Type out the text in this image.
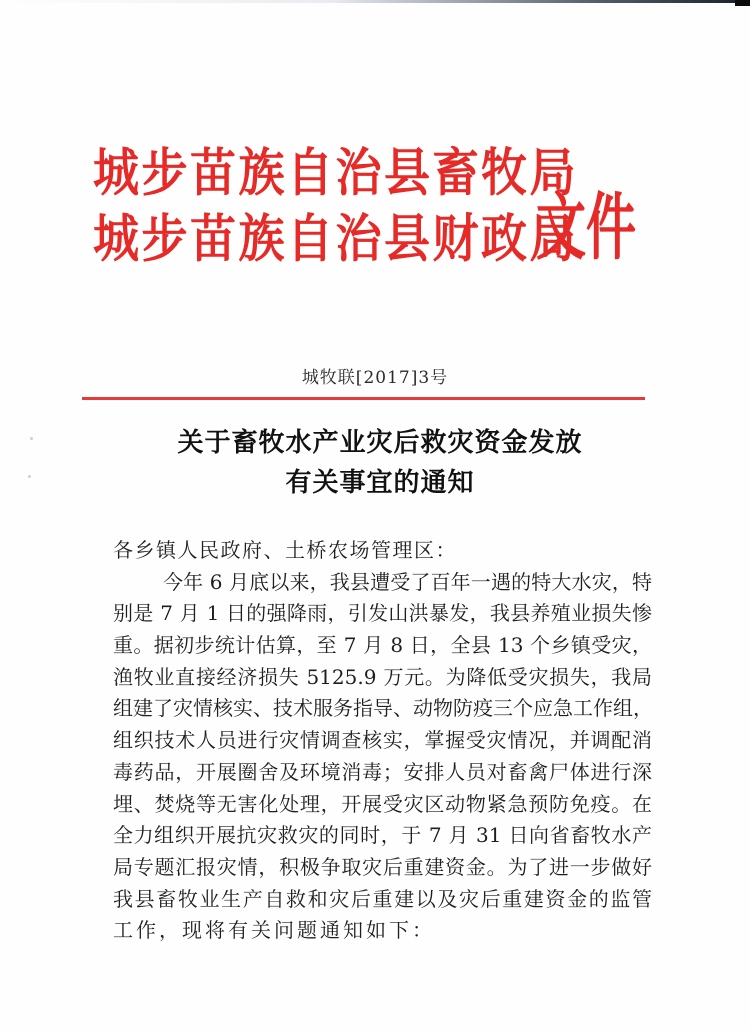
城步苗族自治县畜牧局
城步苗族自治县财政局
文件
城牧联[2017]3号
关于畜牧水产业灾后救灾资金发放
有关事宜的通知
各乡镇人民政府、土桥农场管理区：
今年 6 月底以来，我县遭受了百年一遇的特大水灾，特
别是 7 月 1 日的强降雨，引发山洪暴发，我县养殖业损失惨
重。据初步统计估算，至 7 月 8 日，全县 13 个乡镇受灾，
渔牧业直接经济损失 5125.9 万元。为降低受灾损失，我局
组建了灾情核实、技术服务指导、动物防疫三个应急工作组，
组织技术人员进行灾情调查核实，掌握受灾情况，并调配消
毒药品，开展圈舍及环境消毒；安排人员对畜禽尸体进行深
埋、焚烧等无害化处理，开展受灾区动物紧急预防免疫。在
全力组织开展抗灾救灾的同时，于 7 月 31 日向省畜牧水产
局专题汇报灾情，积极争取灾后重建资金。为了进一步做好
我县畜牧业生产自救和灾后重建以及灾后重建资金的监管
工作，现将有关问题通知如下：
